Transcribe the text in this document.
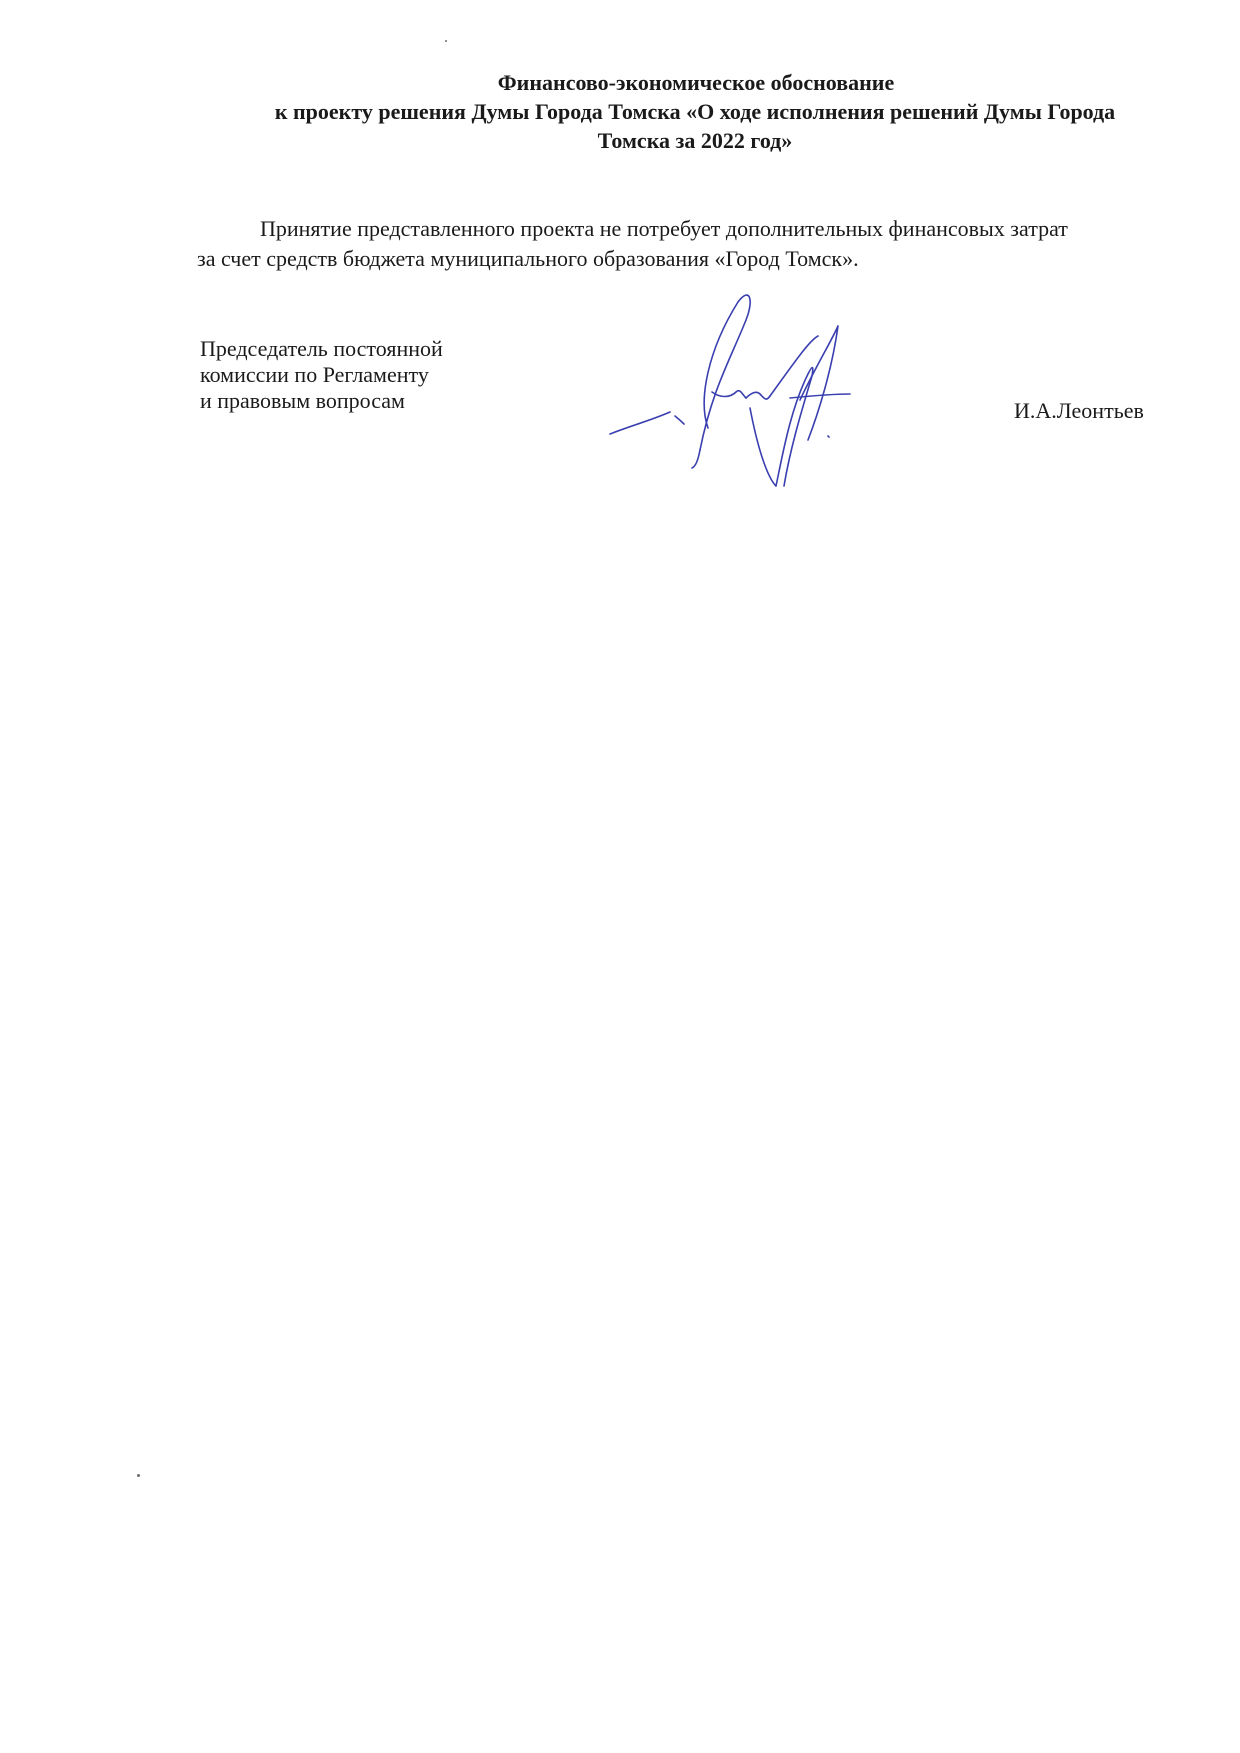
Финансово-экономическое обоснование
к проекту решения Думы Города Томска «О ходе исполнения решений Думы Города
Томска за 2022 год»
Принятие представленного проекта не потребует дополнительных финансовых затрат
за счет средств бюджета муниципального образования «Город Томск».
Председатель постоянной
комиссии по Регламенту
и правовым вопросам	И.А.Леонтьев
